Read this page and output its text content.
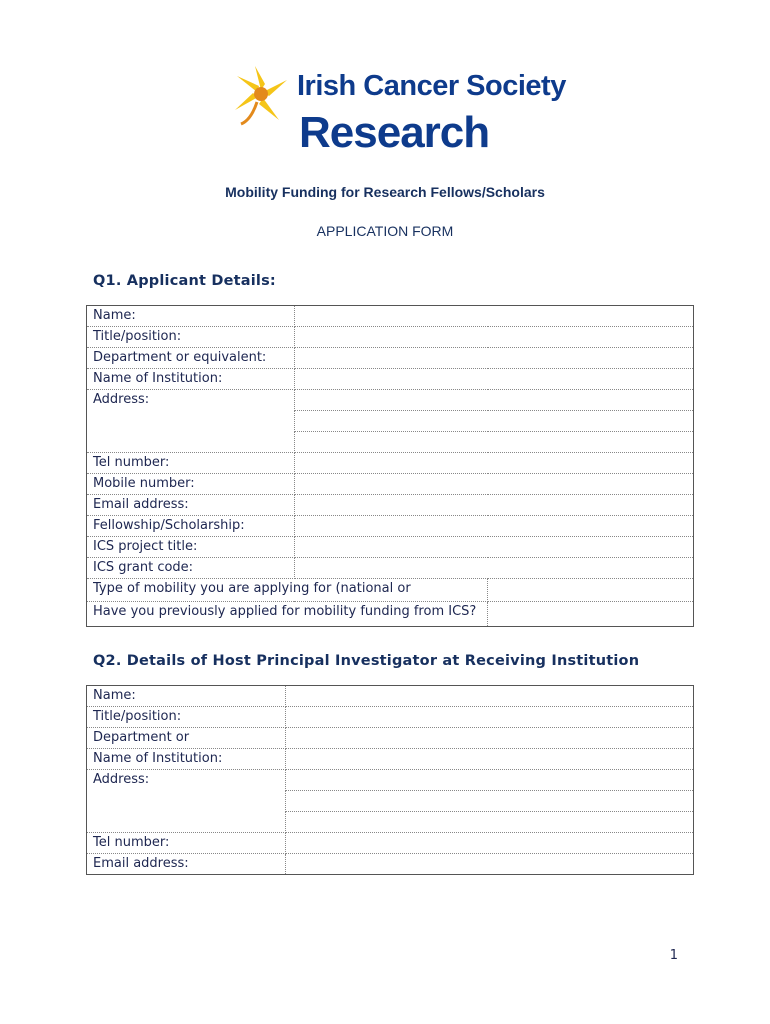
Irish Cancer Society
Research
Mobility Funding for Research Fellows/Scholars
APPLICATION FORM
Q1. Applicant Details:
Name:		
Title/position:		
Department or equivalent:		
Name of Institution:		
Address:		

Tel number:		
Mobile number:		
Email address:		
Fellowship/Scholarship:		
ICS project title:		
ICS grant code:		

Type of mobility you are applying for (national or		

Have you previously applied for mobility funding from ICS?		

Q2. Details of Host Principal Investigator at Receiving Institution
Name:	
Title/position:	
Department or	
Name of Institution:	
Address:	

Tel number:	
Email address:	
1
